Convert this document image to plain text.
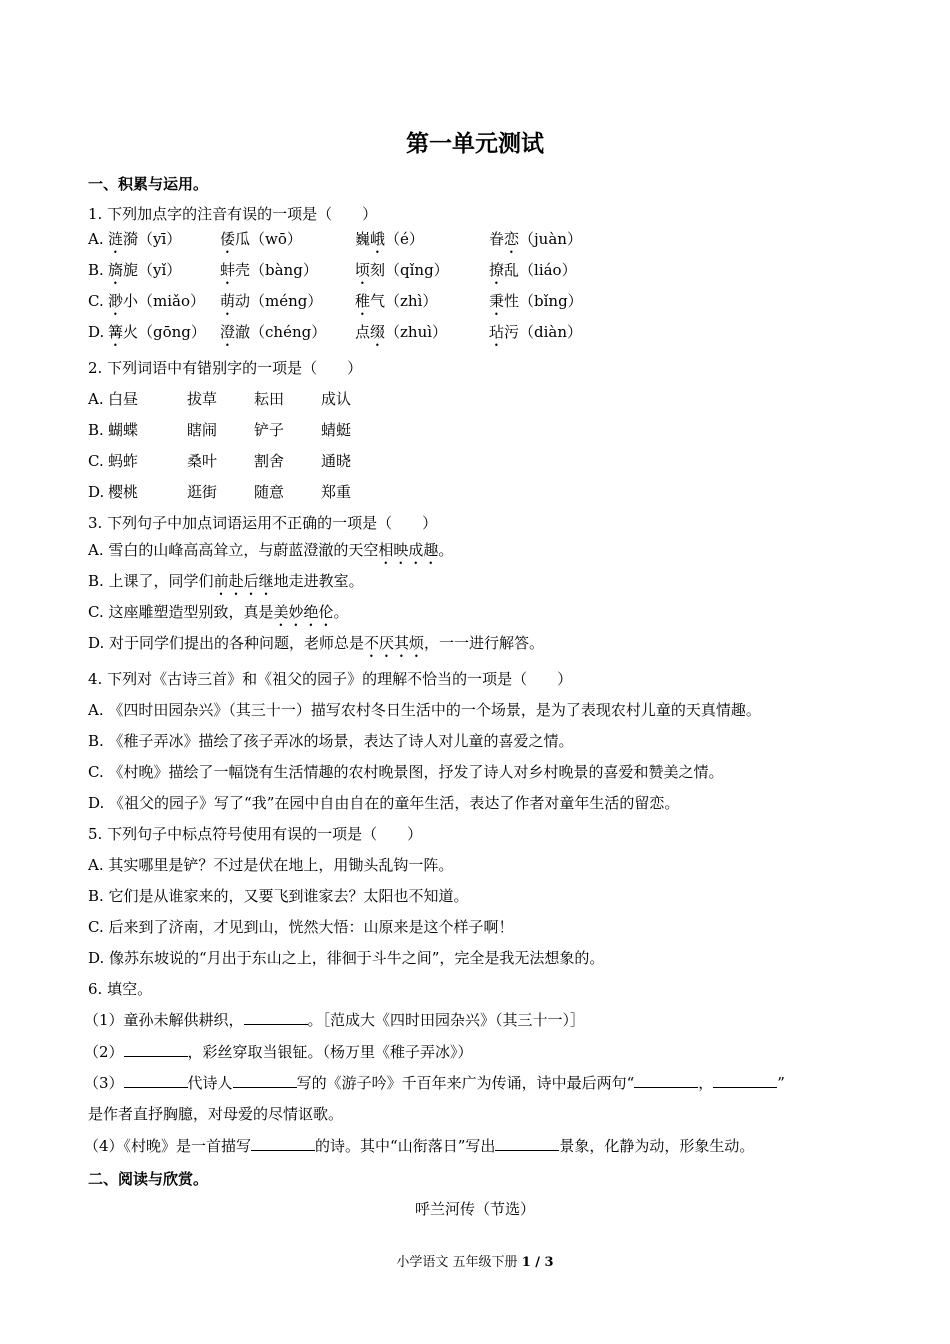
第一单元测试
一、积累与运用。
1. 下列加点字的注音有误的一项是（　　）
A. 涟漪（yī）	倭瓜（wō）	巍峨（é）	眷恋（juàn）
B. 旖旎（yǐ）	蚌壳（bàng） 顷刻（qǐng）	撩乱（liáo）
C. 渺小（miǎo） 萌动（méng） 稚气（zhì）	秉性（bǐng）
D. 篝火（gōng） 澄澈（chéng） 点缀（zhuì）	玷污（diàn）
2. 下列词语中有错别字的一项是（　　）
A. 白昼	拔草 耘田 成认
B. 蝴蝶	瞎闹 铲子 蜻蜓
C. 蚂蚱	桑叶 割舍 通晓
D. 樱桃	逛街 随意 郑重
3. 下列句子中加点词语运用不正确的一项是（　　）
A. 雪白的山峰高高耸立，与蔚蓝澄澈的天空相映成趣。
B. 上课了，同学们前赴后继地走进教室。
C. 这座雕塑造型别致，真是美妙绝伦。
D. 对于同学们提出的各种问题，老师总是不厌其烦，一一进行解答。
4. 下列对《古诗三首》和《祖父的园子》的理解不恰当的一项是（　　）
A. 《四时田园杂兴》（其三十一）描写农村冬日生活中的一个场景，是为了表现农村儿童的天真情趣。
B. 《稚子弄冰》描绘了孩子弄冰的场景，表达了诗人对儿童的喜爱之情。
C. 《村晚》描绘了一幅饶有生活情趣的农村晚景图，抒发了诗人对乡村晚景的喜爱和赞美之情。
D. 《祖父的园子》写了“我”在园中自由自在的童年生活，表达了作者对童年生活的留恋。
5. 下列句子中标点符号使用有误的一项是（　　）
A. 其实哪里是铲？不过是伏在地上，用锄头乱钩一阵。
B. 它们是从谁家来的，又要飞到谁家去？太阳也不知道。
C. 后来到了济南，才见到山，恍然大悟：山原来是这个样子啊！
D. 像苏东坡说的“月出于东山之上，徘徊于斗牛之间”，完全是我无法想象的。
6. 填空。
（1）童孙未解供耕织，	。［范成大《四时田园杂兴》（其三十一）］
（2）	，彩丝穿取当银钲。（杨万里《稚子弄冰》）
（3）	代诗人	写的《游子吟》千百年来广为传诵，诗中最后两句“	，	”
是作者直抒胸臆，对母爱的尽情讴歌。
（4）《村晚》是一首描写	的诗。其中“山衔落日”写出	景象，化静为动，形象生动。
二、阅读与欣赏。
呼兰河传（节选）
小学语文 五年级下册 1 / 3
